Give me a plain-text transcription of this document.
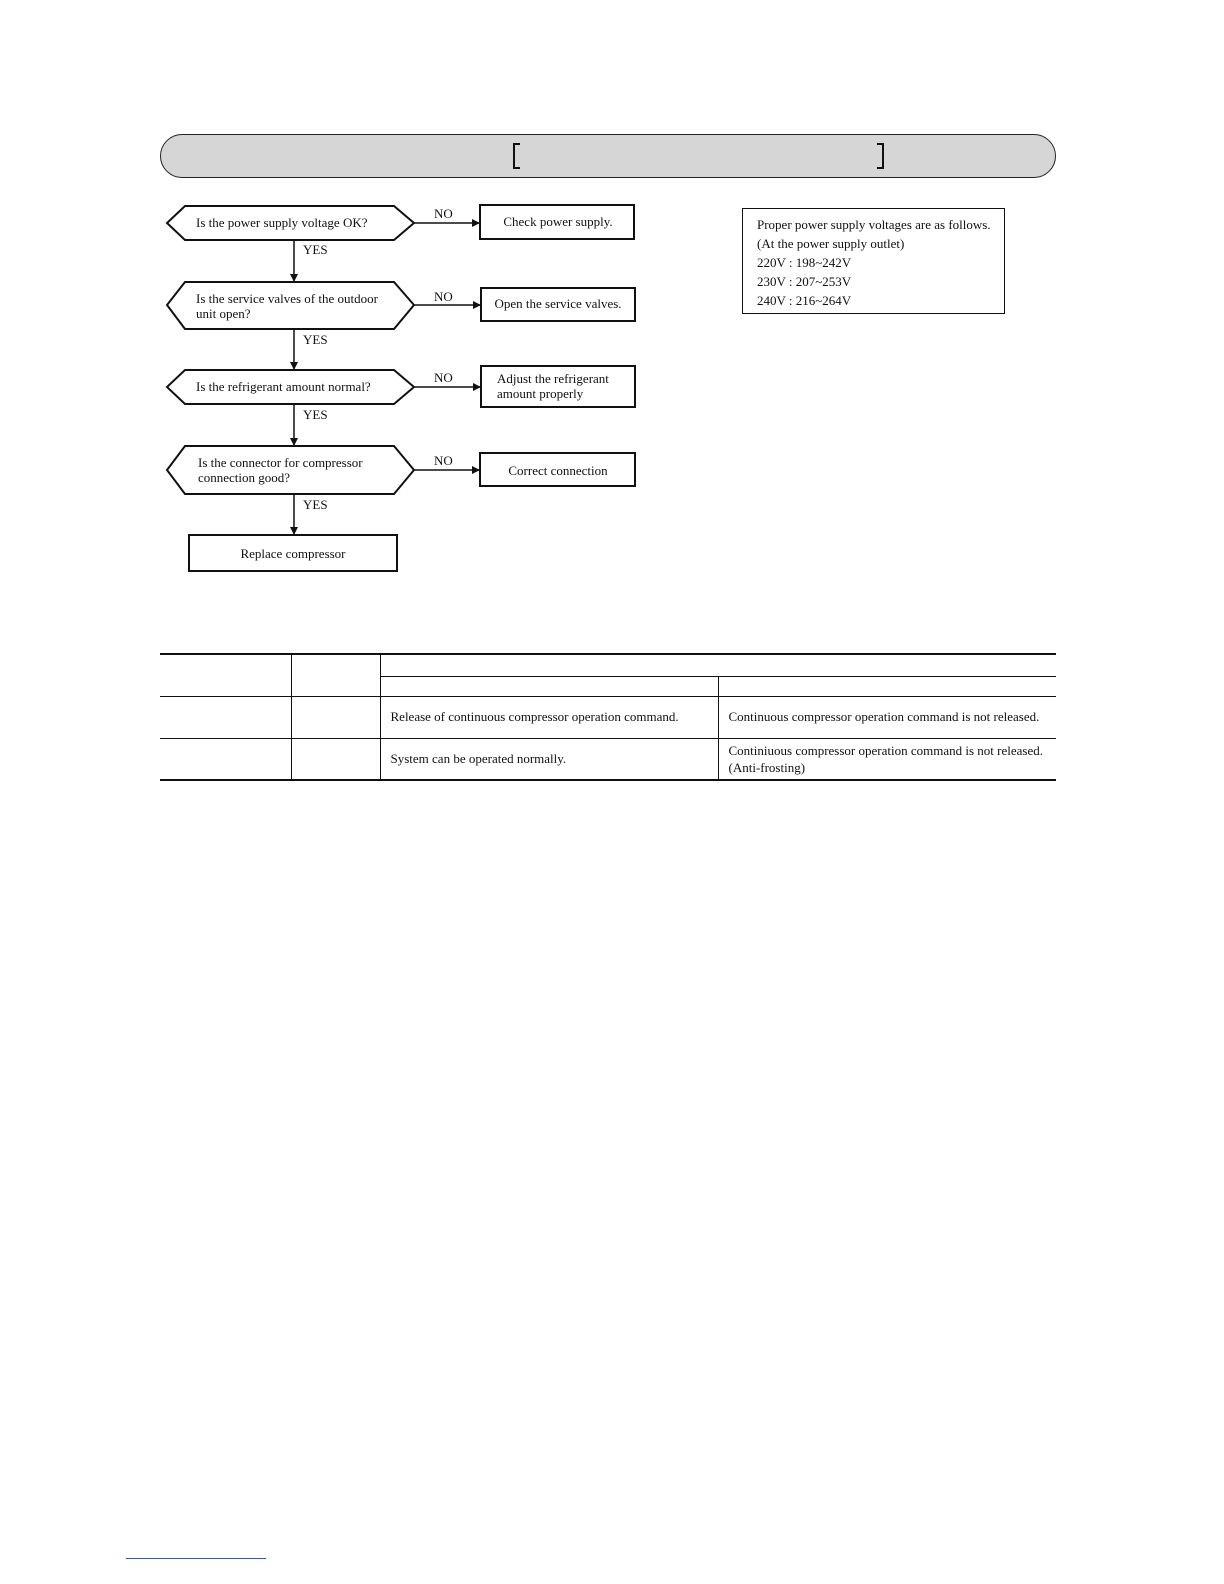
Is the power supply voltage OK?
Is the service valves of the outdoor unit open?
Is the refrigerant amount normal?
Is the connector for compressor connection good?
NO
NO
NO
NO
YES
YES
YES
YES
Check power supply.
Open the service valves.
Adjust the refrigerant amount properly
Correct connection
Replace compressor
Proper power supply voltages are as follows.
(At the power supply outlet)
220V : 198~242V
230V : 207~253V
240V : 216~264V

		Release of continuous compressor operation command.	Continuous compressor operation command is not released.
		System can be operated normally.	Continiuous compressor operation command is not released. (Anti-frosting)
